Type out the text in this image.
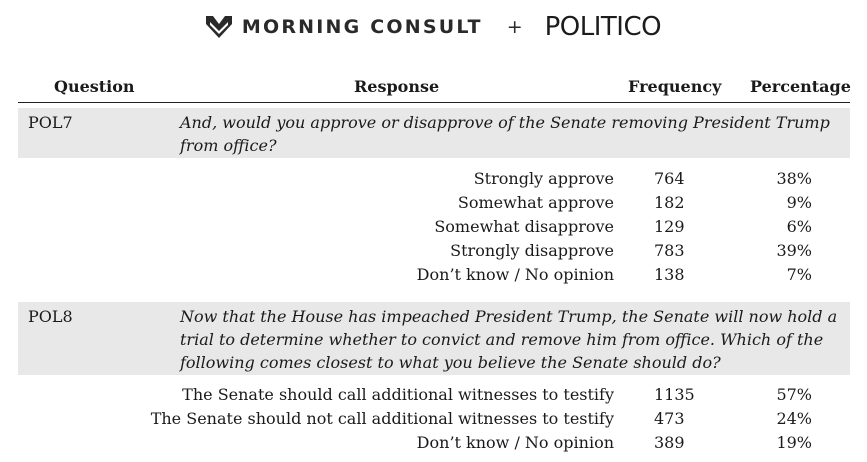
MORNING CONSULT + POLITICO
Question	Response	Frequency Percentage
POL7	And, would you approve or disapprove of the Senate removing President Trump from office?
Strongly approve	764	38%
Somewhat approve	182	9%
Somewhat disapprove	129	6%
Strongly disapprove	783	39%
Don’t know / No opinion	138	7%
POL8	Now that the House has impeached President Trump, the Senate will now hold a trial to determine whether to convict and remove him from office. Which of the following comes closest to what you believe the Senate should do?
The Senate should call additional witnesses to testify	1135	57%
The Senate should not call additional witnesses to testify	473	24%
Don’t know / No opinion	389	19%
